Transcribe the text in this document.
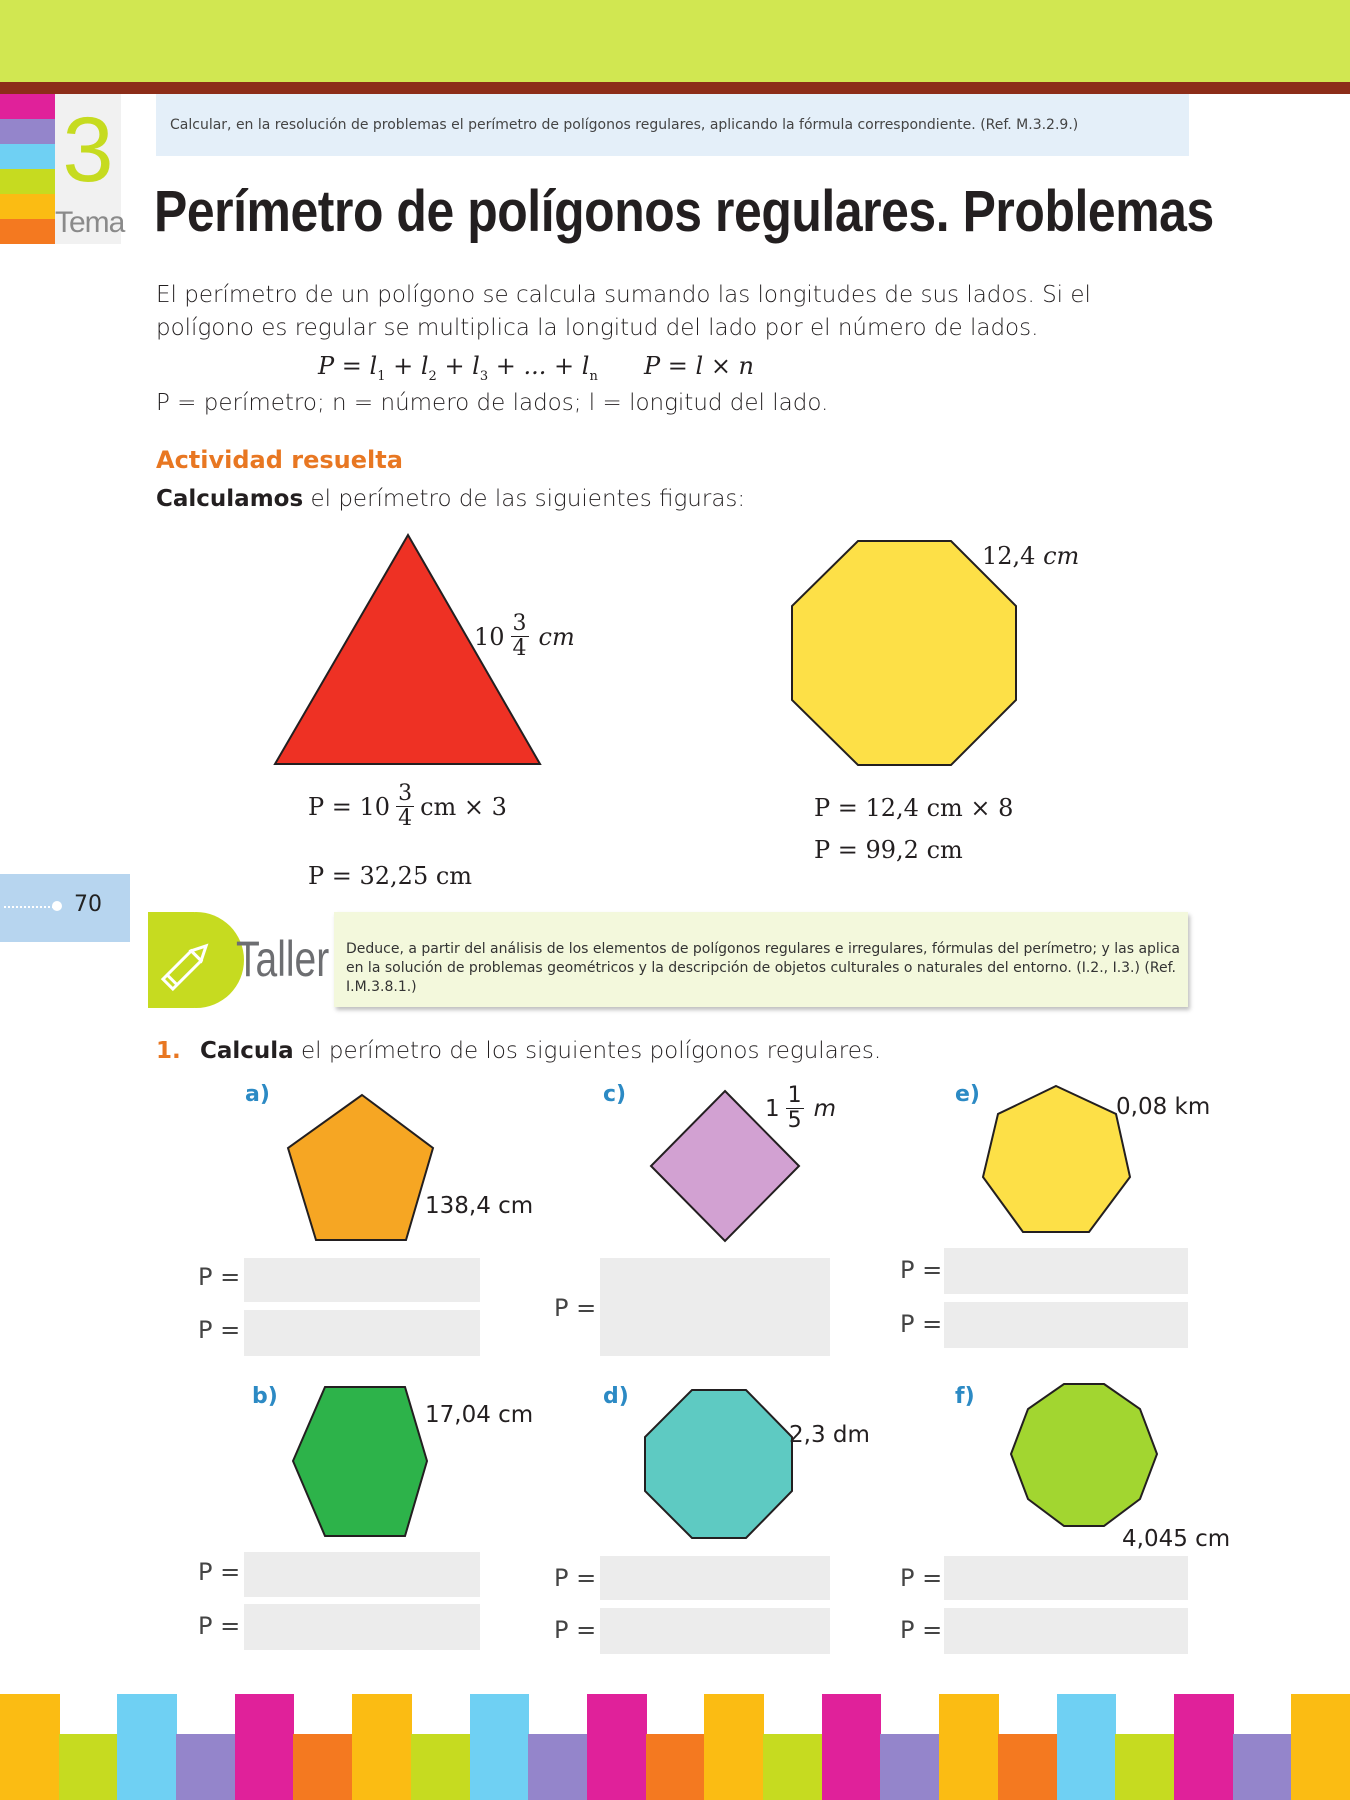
3
Tema
Calcular, en la resolución de problemas el perímetro de polígonos regulares, aplicando la fórmula correspondiente. (Ref. M.3.2.9.)
Perímetro de polígonos regulares. Problemas
El perímetro de un polígono se calcula sumando las longitudes de sus lados. Si el polígono es regular se multiplica la longitud del lado por el número de lados.
$P = l_1 + l_2 + l_3$ + ... + $l_n$ P = l × n
P = perímetro; n = número de lados; l = longitud del lado.
Actividad resuelta
Calculamos el perímetro de las siguientes figuras:
10 3
4 cm
12,4 cm
P = 10 3
4 cm × 3
P = 32,25 cm
P = 12,4 cm × 8
P = 99,2 cm
70
Taller Deduce, a partir del análisis de los elementos de polígonos regulares e irregulares, fórmulas del perímetro; y las aplica en la solución de problemas geométricos y la descripción de objetos culturales o naturales del entorno. (I.2., I.3.) (Ref. I.M.3.8.1.)
1. Calcula el perímetro de los siguientes polígonos regulares.
a)
138,4 cm
P =
P =
c)
1 1
5 m
P =
e)	0,08 km
P =
P =
b)
17,04 cm
P =
P =
d)
2,3 dm
P =
P =
f)
4,045 cm
P =
P =
